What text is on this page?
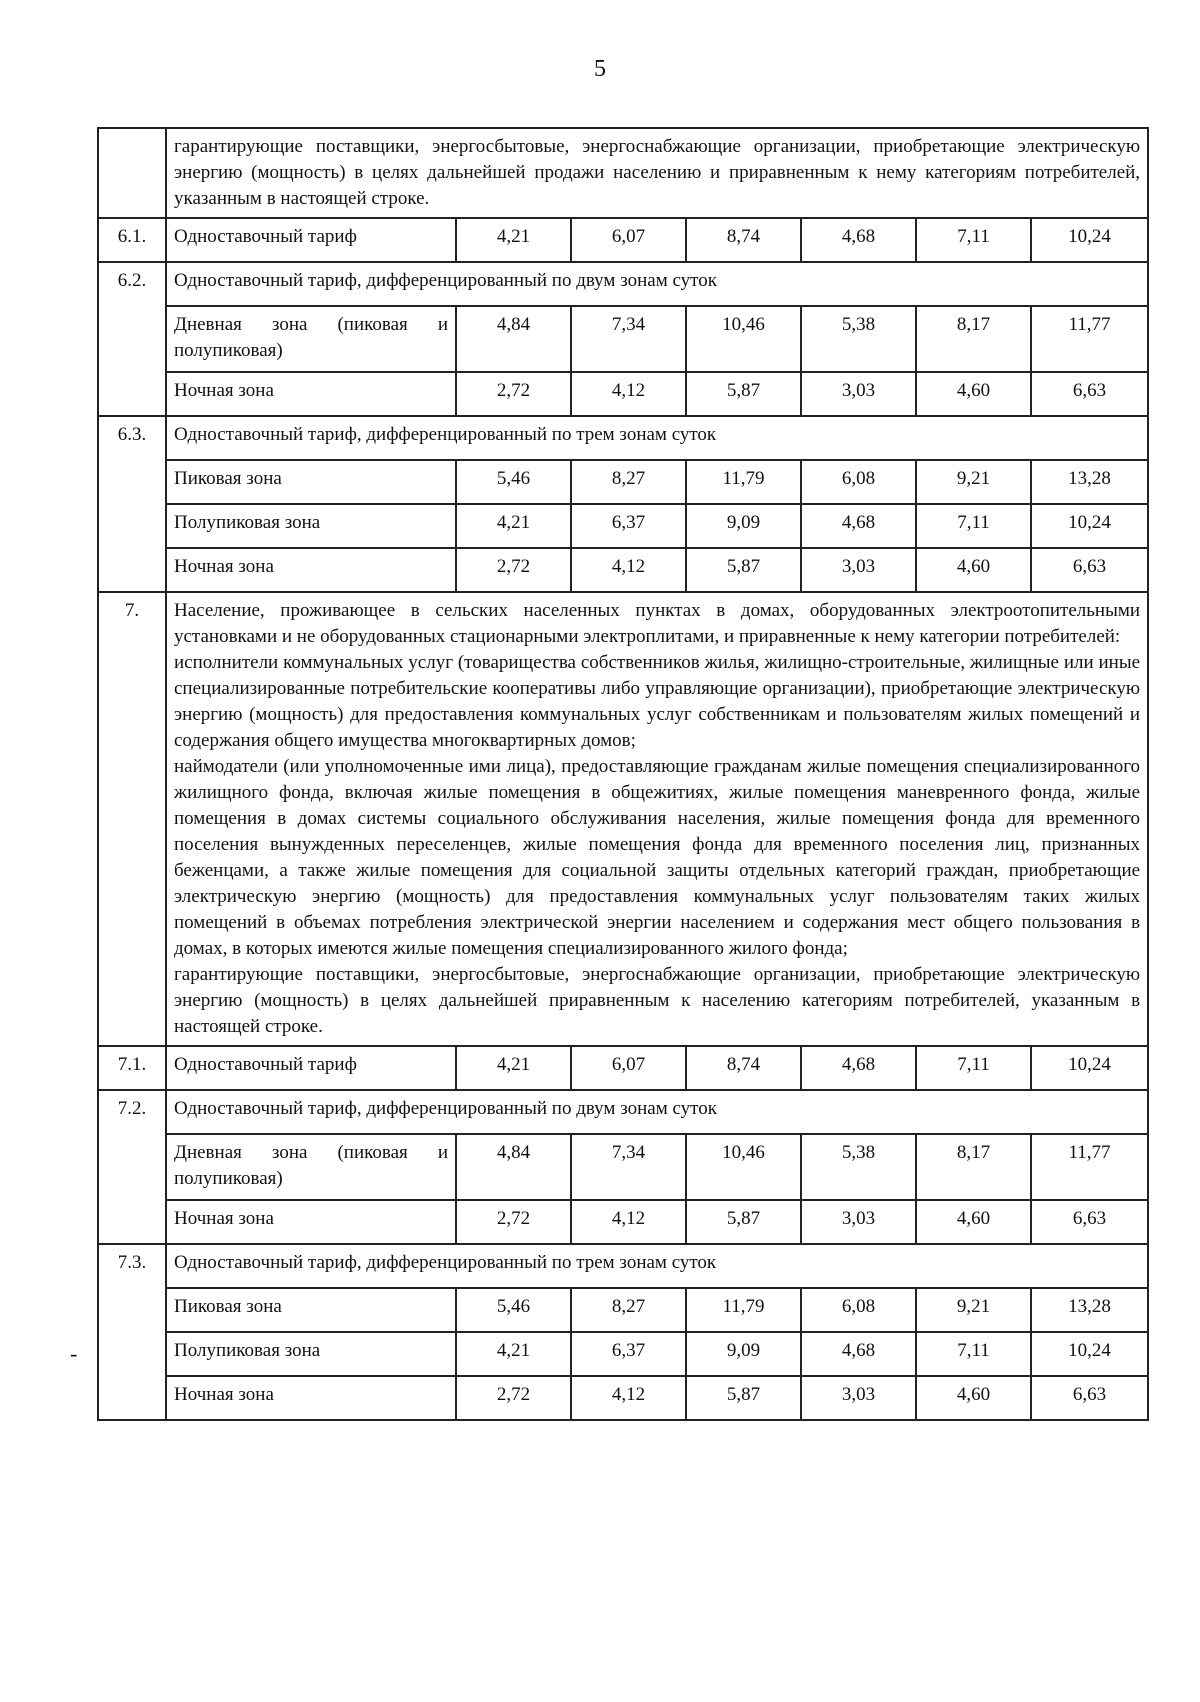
5
	гарантирующие поставщики, энергосбытовые, энергоснабжающие организации, приобретающие электрическую энергию (мощность) в целях дальнейшей продажи населению и приравненным к нему категориям потребителей, указанным в настоящей строке.						
6.1.	Одноставочный тариф	4,21	6,07	8,74	4,68	7,11	10,24
6.2.	Одноставочный тариф, дифференцированный по двум зонам суток						
	Дневная зона (пиковая и полупиковая)	4,84	7,34	10,46	5,38	8,17	11,77
	Ночная зона	2,72	4,12	5,87	3,03	4,60	6,63
6.3.	Одноставочный тариф, дифференцированный по трем зонам суток						
	Пиковая зона	5,46	8,27	11,79	6,08	9,21	13,28
	Полупиковая зона	4,21	6,37	9,09	4,68	7,11	10,24
	Ночная зона	2,72	4,12	5,87	3,03	4,60	6,63
7.	Население, проживающее в сельских населенных пунктах в домах, оборудованных электроотопительными установками и не оборудованных стационарными электроплитами, и приравненные к нему категории потребителей:
исполнители коммунальных услуг (товарищества собственников жилья, жилищно-строительные, жилищные или иные специализированные потребительские кооперативы либо управляющие организации), приобретающие электрическую энергию (мощность) для предоставления коммунальных услуг собственникам и пользователям жилых помещений и содержания общего имущества многоквартирных домов;
наймодатели (или уполномоченные ими лица), предоставляющие гражданам жилые помещения специализированного жилищного фонда, включая жилые помещения в общежитиях, жилые помещения маневренного фонда, жилые помещения в домах системы социального обслуживания населения, жилые помещения фонда для временного поселения вынужденных переселенцев, жилые помещения фонда для временного поселения лиц, признанных беженцами, а также жилые помещения для социальной защиты отдельных категорий граждан, приобретающие электрическую энергию (мощность) для предоставления коммунальных услуг пользователям таких жилых помещений в объемах потребления электрической энергии населением и содержания мест общего пользования в домах, в которых имеются жилые помещения специализированного жилого фонда;
гарантирующие поставщики, энергосбытовые, энергоснабжающие организации, приобретающие электрическую энергию (мощность) в целях дальнейшей приравненным к населению категориям потребителей, указанным в настоящей строке.						

7.1.	Одноставочный тариф	4,21	6,07	8,74	4,68	7,11	10,24
7.2.	Одноставочный тариф, дифференцированный по двум зонам суток						
	Дневная зона (пиковая и полупиковая)	4,84	7,34	10,46	5,38	8,17	11,77
	Ночная зона	2,72	4,12	5,87	3,03	4,60	6,63
7.3.	Одноставочный тариф, дифференцированный по трем зонам суток						
	Пиковая зона	5,46	8,27	11,79	6,08	9,21	13,28
	Полупиковая зона	4,21	6,37	9,09	4,68	7,11	10,24
	Ночная зона	2,72	4,12	5,87	3,03	4,60	6,63
-
